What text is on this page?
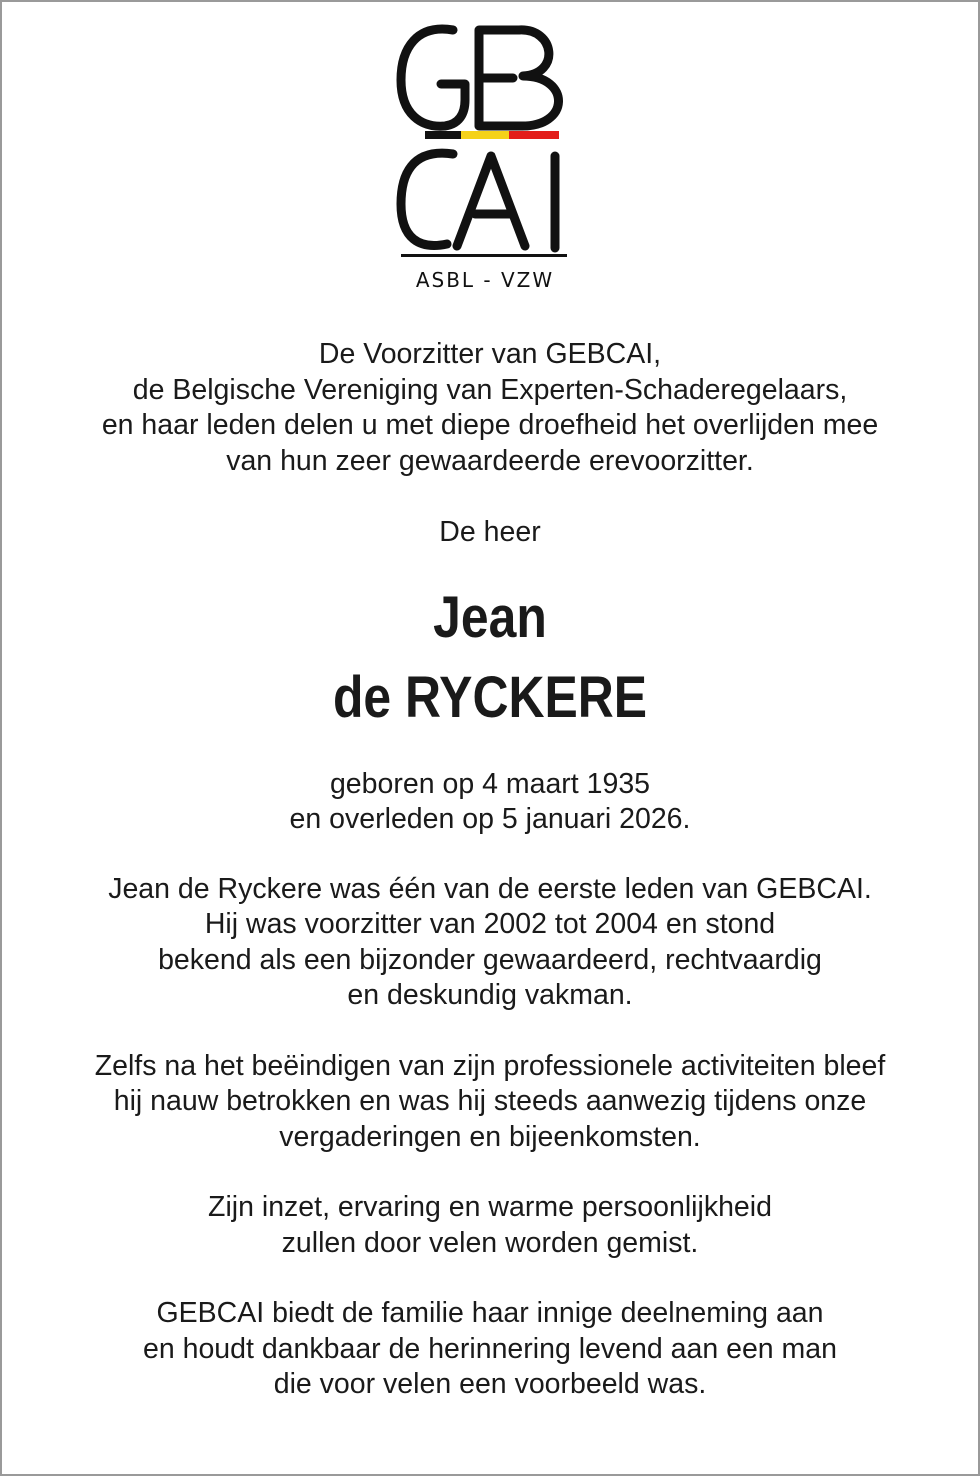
ASBL - VZW
De Voorzitter van GEBCAI,
de Belgische Vereniging van Experten-Schaderegelaars,
en haar leden delen u met diepe droefheid het overlijden mee
van hun zeer gewaardeerde erevoorzitter.
De heer
Jean
de RYCKERE
geboren op 4 maart 1935
en overleden op 5 januari 2026.
Jean de Ryckere was één van de eerste leden van GEBCAI.
Hij was voorzitter van 2002 tot 2004 en stond
bekend als een bijzonder gewaardeerd, rechtvaardig
en deskundig vakman.
Zelfs na het beëindigen van zijn professionele activiteiten bleef
hij nauw betrokken en was hij steeds aanwezig tijdens onze
vergaderingen en bijeenkomsten.
Zijn inzet, ervaring en warme persoonlijkheid
zullen door velen worden gemist.
GEBCAI biedt de familie haar innige deelneming aan
en houdt dankbaar de herinnering levend aan een man
die voor velen een voorbeeld was.
